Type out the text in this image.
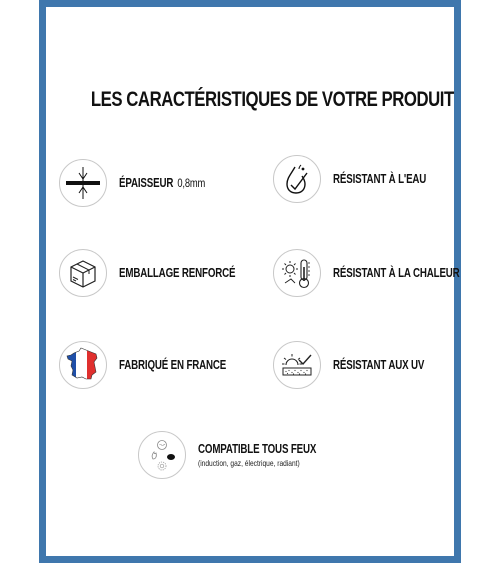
LES CARACTÉRISTIQUES DE VOTRE PRODUIT
ÉPAISSEUR 0,8mm	RÉSISTANT À L'EAU
EMBALLAGE RENFORCÉ	RÉSISTANT À LA CHALEUR
FABRIQUÉ EN FRANCE	RÉSISTANT AUX UV
COMPATIBLE TOUS FEUX
(induction, gaz, électrique, radiant)
